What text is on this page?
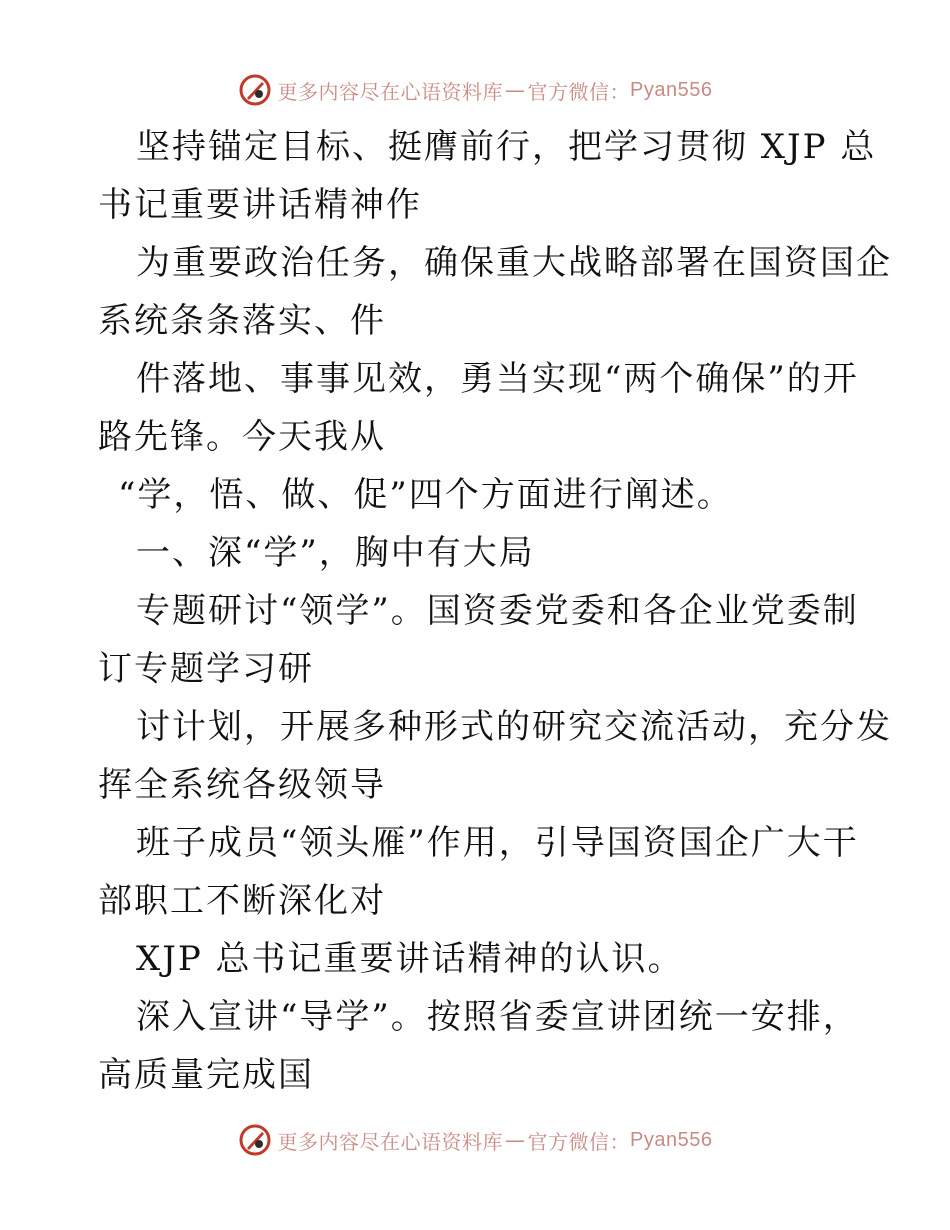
更多内容尽在心语资料库 — 官方微信： Pyan556
坚持锚定目标、挺膺前行，把学习贯彻 XJP 总
书记重要讲话精神作
为重要政治任务，确保重大战略部署在国资国企
系统条条落实、件
件落地、事事见效，勇当实现“两个确保”的开
路先锋。今天我从
“学，悟、做、促”四个方面进行阐述。
一、深“学”，胸中有大局
专题研讨“领学”。国资委党委和各企业党委制
订专题学习研
讨计划，开展多种形式的研究交流活动，充分发
挥全系统各级领导
班子成员“领头雁”作用，引导国资国企广大干
部职工不断深化对
XJP 总书记重要讲话精神的认识。
深入宣讲“导学”。按照省委宣讲团统一安排，
高质量完成国
更多内容尽在心语资料库 — 官方微信： Pyan556
